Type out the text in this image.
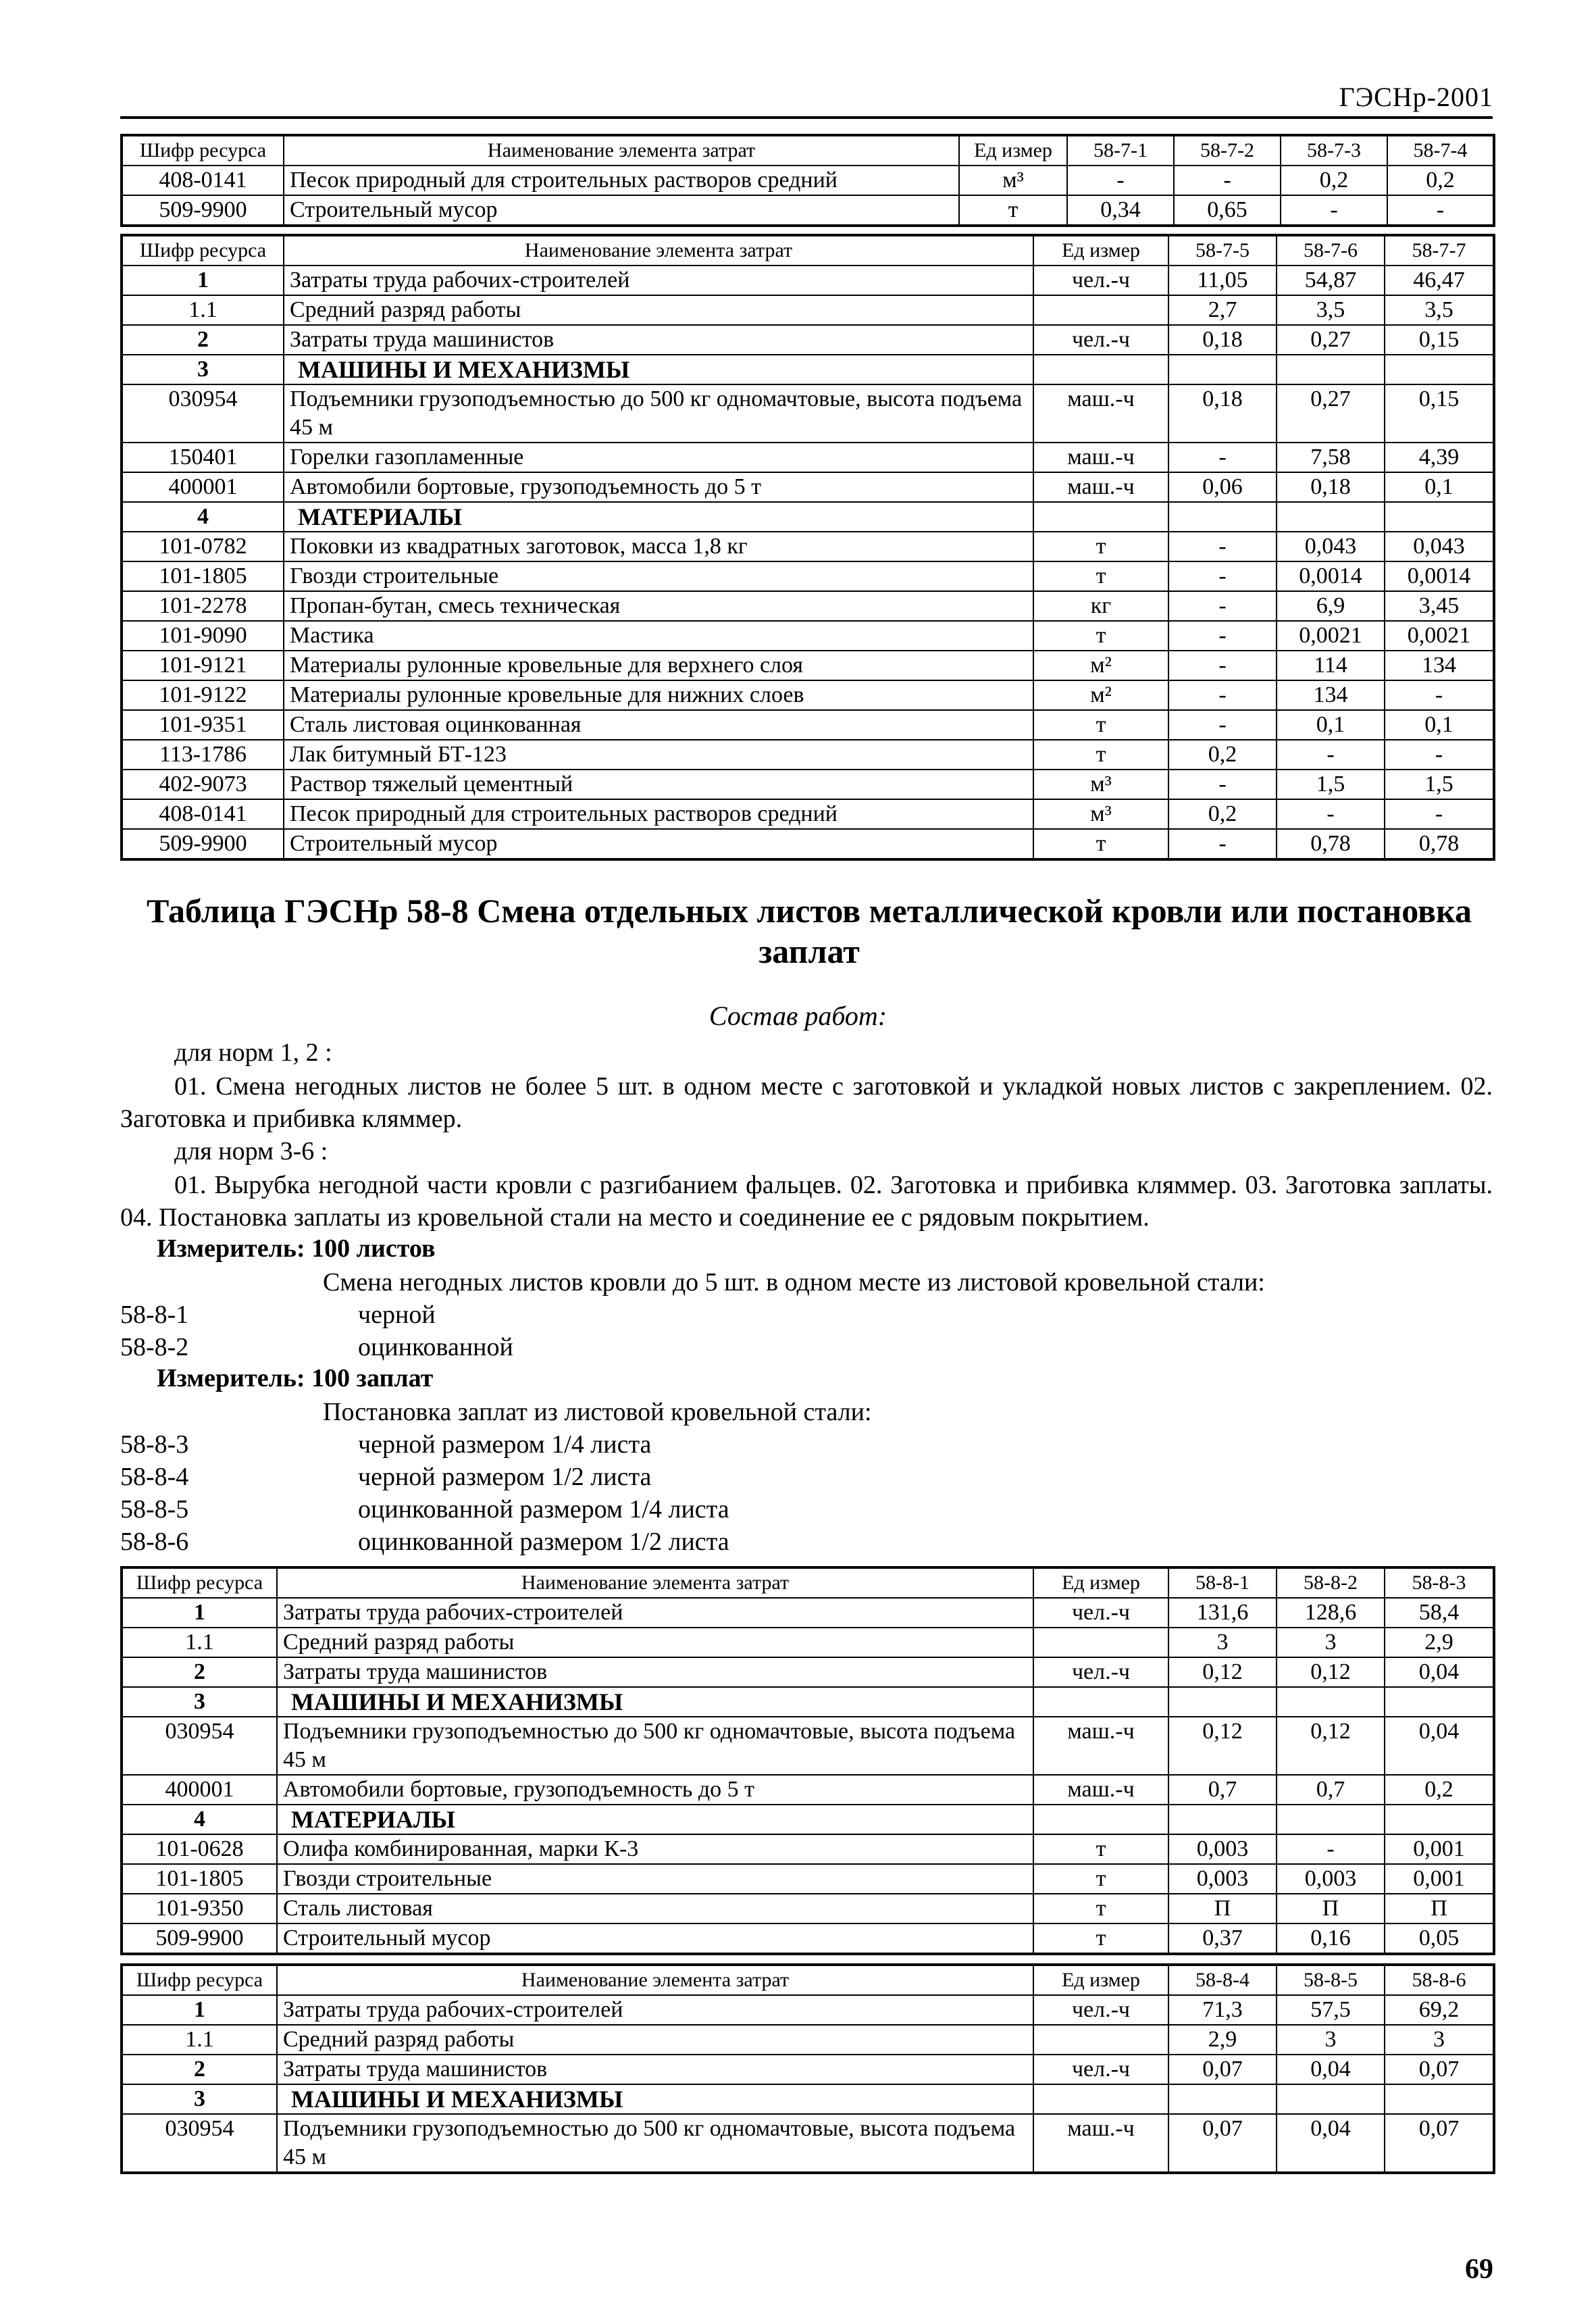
ГЭСНр-2001
Шифр ресурса	Наименование элемента затрат	Ед измер	58-7-1	58-7-2	58-7-3	58-7-4
408-0141	Песок природный для строительных растворов средний	м³	-	-	0,2	0,2
509-9900	Строительный мусор	т	0,34	0,65	-	-
Шифр ресурса	Наименование элемента затрат	Ед измер	58-7-5	58-7-6	58-7-7
1	Затраты труда рабочих-строителей	чел.-ч	11,05	54,87	46,47
1.1	Средний разряд работы		2,7	3,5	3,5
2	Затраты труда машинистов	чел.-ч	0,18	0,27	0,15
3	МАШИНЫ И МЕХАНИЗМЫ				
030954	Подъемники грузоподъемностью до 500 кг одномачтовые, высота подъема 45 м	маш.-ч	0,18	0,27	0,15
150401	Горелки газопламенные	маш.-ч	-	7,58	4,39
400001	Автомобили бортовые, грузоподъемность до 5 т	маш.-ч	0,06	0,18	0,1
4	МАТЕРИАЛЫ				
101-0782	Поковки из квадратных заготовок, масса 1,8 кг	т	-	0,043	0,043
101-1805	Гвозди строительные	т	-	0,0014	0,0014
101-2278	Пропан-бутан, смесь техническая	кг	-	6,9	3,45
101-9090	Мастика	т	-	0,0021	0,0021
101-9121	Материалы рулонные кровельные для верхнего слоя	м²	-	114	134
101-9122	Материалы рулонные кровельные для нижних слоев	м²	-	134	-
101-9351	Сталь листовая оцинкованная	т	-	0,1	0,1
113-1786	Лак битумный БТ-123	т	0,2	-	-
402-9073	Раствор тяжелый цементный	м³	-	1,5	1,5
408-0141	Песок природный для строительных растворов средний	м³	0,2	-	-
509-9900	Строительный мусор	т	-	0,78	0,78
Таблица ГЭСНр 58-8 Смена отдельных листов металлической кровли или постановка заплат
Состав работ:
для норм 1, 2 :
01. Смена негодных листов не более 5 шт. в одном месте с заготовкой и укладкой новых листов с закреплением. 02. Заготовка и прибивка кляммер.
для норм 3-6 :
01. Вырубка негодной части кровли с разгибанием фальцев. 02. Заготовка и прибивка кляммер. 03. Заготовка заплаты. 04. Постановка заплаты из кровельной стали на место и соединение ее с рядовым покрытием.
Измеритель: 100 листов
Смена негодных листов кровли до 5 шт. в одном месте из листовой кровельной стали:
58-8-1	черной
58-8-2	оцинкованной
Измеритель: 100 заплат
Постановка заплат из листовой кровельной стали:
58-8-3	черной размером 1/4 листа
58-8-4	черной размером 1/2 листа
58-8-5	оцинкованной размером 1/4 листа
58-8-6	оцинкованной размером 1/2 листа
Шифр ресурса	Наименование элемента затрат	Ед измер	58-8-1	58-8-2	58-8-3
1	Затраты труда рабочих-строителей	чел.-ч	131,6	128,6	58,4
1.1	Средний разряд работы		3	3	2,9
2	Затраты труда машинистов	чел.-ч	0,12	0,12	0,04
3	МАШИНЫ И МЕХАНИЗМЫ				
030954	Подъемники грузоподъемностью до 500 кг одномачтовые, высота подъема 45 м	маш.-ч	0,12	0,12	0,04
400001	Автомобили бортовые, грузоподъемность до 5 т	маш.-ч	0,7	0,7	0,2
4	МАТЕРИАЛЫ				
101-0628	Олифа комбинированная, марки К-3	т	0,003	-	0,001
101-1805	Гвозди строительные	т	0,003	0,003	0,001
101-9350	Сталь листовая	т	П	П	П
509-9900	Строительный мусор	т	0,37	0,16	0,05
Шифр ресурса	Наименование элемента затрат	Ед измер	58-8-4	58-8-5	58-8-6
1	Затраты труда рабочих-строителей	чел.-ч	71,3	57,5	69,2
1.1	Средний разряд работы		2,9	3	3
2	Затраты труда машинистов	чел.-ч	0,07	0,04	0,07
3	МАШИНЫ И МЕХАНИЗМЫ				
030954	Подъемники грузоподъемностью до 500 кг одномачтовые, высота подъема 45 м	маш.-ч	0,07	0,04	0,07
69
